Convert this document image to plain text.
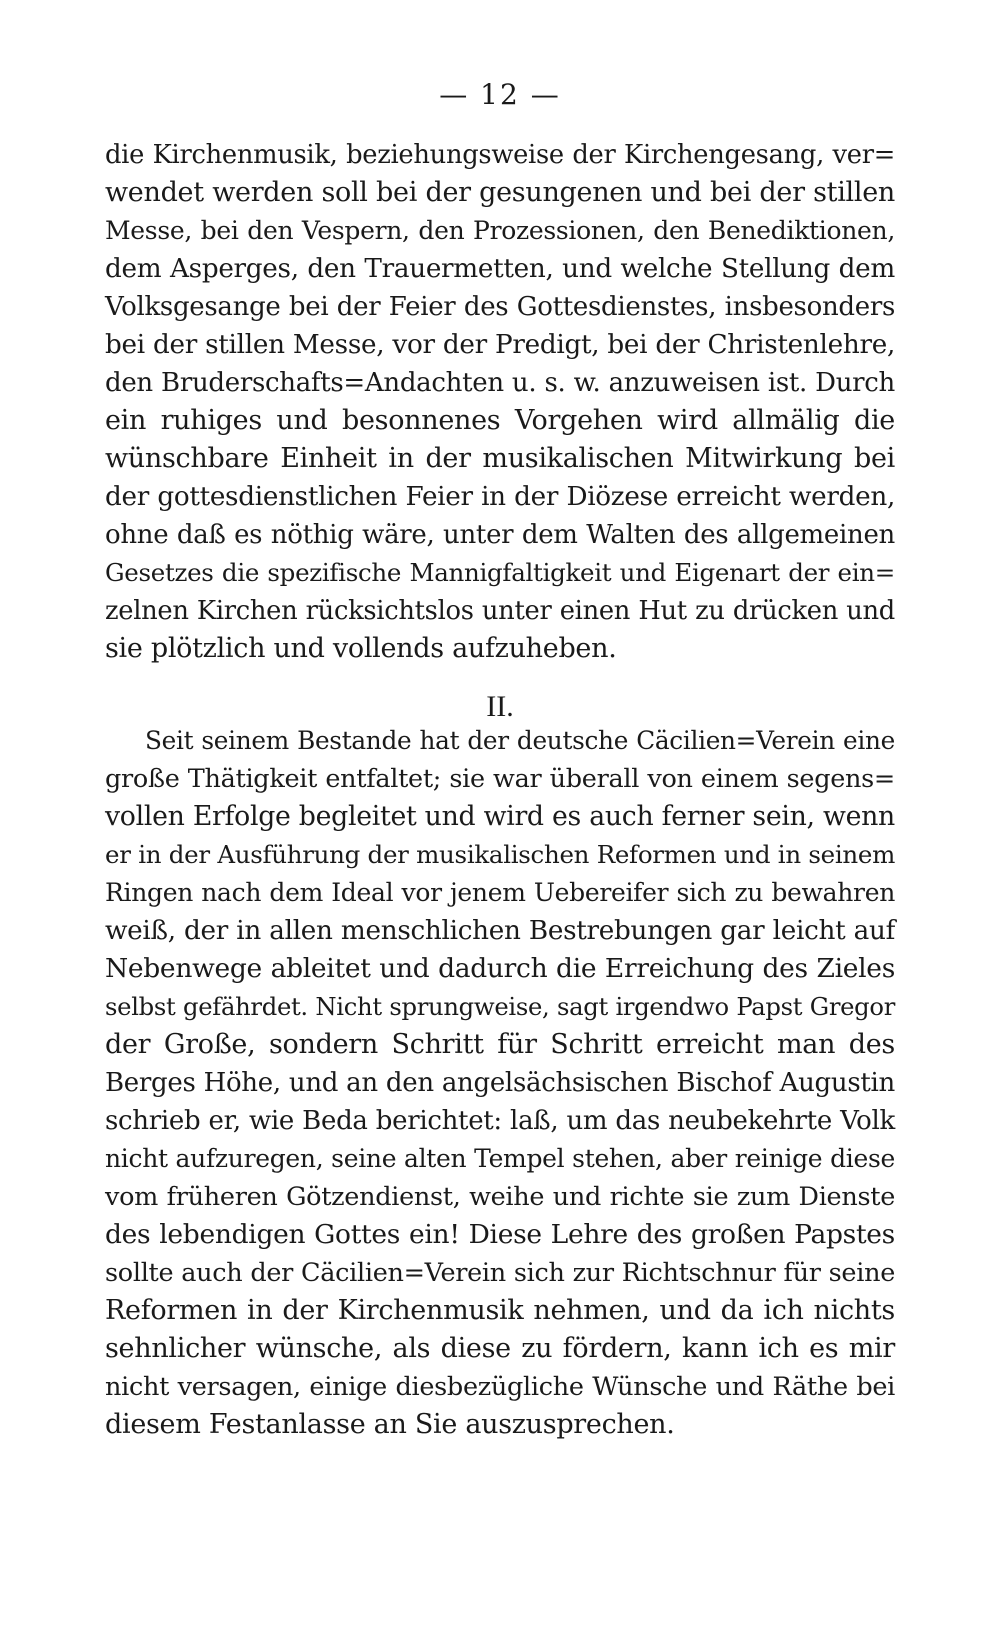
— 12 —
die Kirchenmusik, beziehungsweise der Kirchengesang, ver=
wendet werden soll bei der gesungenen und bei der stillen
Messe, bei den Vespern, den Prozessionen, den Benediktionen,
dem Asperges, den Trauermetten, und welche Stellung dem
Volksgesange bei der Feier des Gottesdienstes, insbesonders
bei der stillen Messe, vor der Predigt, bei der Christenlehre,
den Bruderschafts=Andachten u. s. w. anzuweisen ist. Durch
ein ruhiges und besonnenes Vorgehen wird allmälig die
wünschbare Einheit in der musikalischen Mitwirkung bei
der gottesdienstlichen Feier in der Diözese erreicht werden,
ohne daß es nöthig wäre, unter dem Walten des allgemeinen
Gesetzes die spezifische Mannigfaltigkeit und Eigenart der ein=
zelnen Kirchen rücksichtslos unter einen Hut zu drücken und
sie plötzlich und vollends aufzuheben.
II.
Seit seinem Bestande hat der deutsche Cäcilien=Verein eine
große Thätigkeit entfaltet; sie war überall von einem segens=
vollen Erfolge begleitet und wird es auch ferner sein, wenn
er in der Ausführung der musikalischen Reformen und in seinem
Ringen nach dem Ideal vor jenem Uebereifer sich zu bewahren
weiß, der in allen menschlichen Bestrebungen gar leicht auf
Nebenwege ableitet und dadurch die Erreichung des Zieles
selbst gefährdet. Nicht sprungweise, sagt irgendwo Papst Gregor
der Große, sondern Schritt für Schritt erreicht man des
Berges Höhe, und an den angelsächsischen Bischof Augustin
schrieb er, wie Beda berichtet: laß, um das neubekehrte Volk
nicht aufzuregen, seine alten Tempel stehen, aber reinige diese
vom früheren Götzendienst, weihe und richte sie zum Dienste
des lebendigen Gottes ein! Diese Lehre des großen Papstes
sollte auch der Cäcilien=Verein sich zur Richtschnur für seine
Reformen in der Kirchenmusik nehmen, und da ich nichts
sehnlicher wünsche, als diese zu fördern, kann ich es mir
nicht versagen, einige diesbezügliche Wünsche und Räthe bei
diesem Festanlasse an Sie auszusprechen.
